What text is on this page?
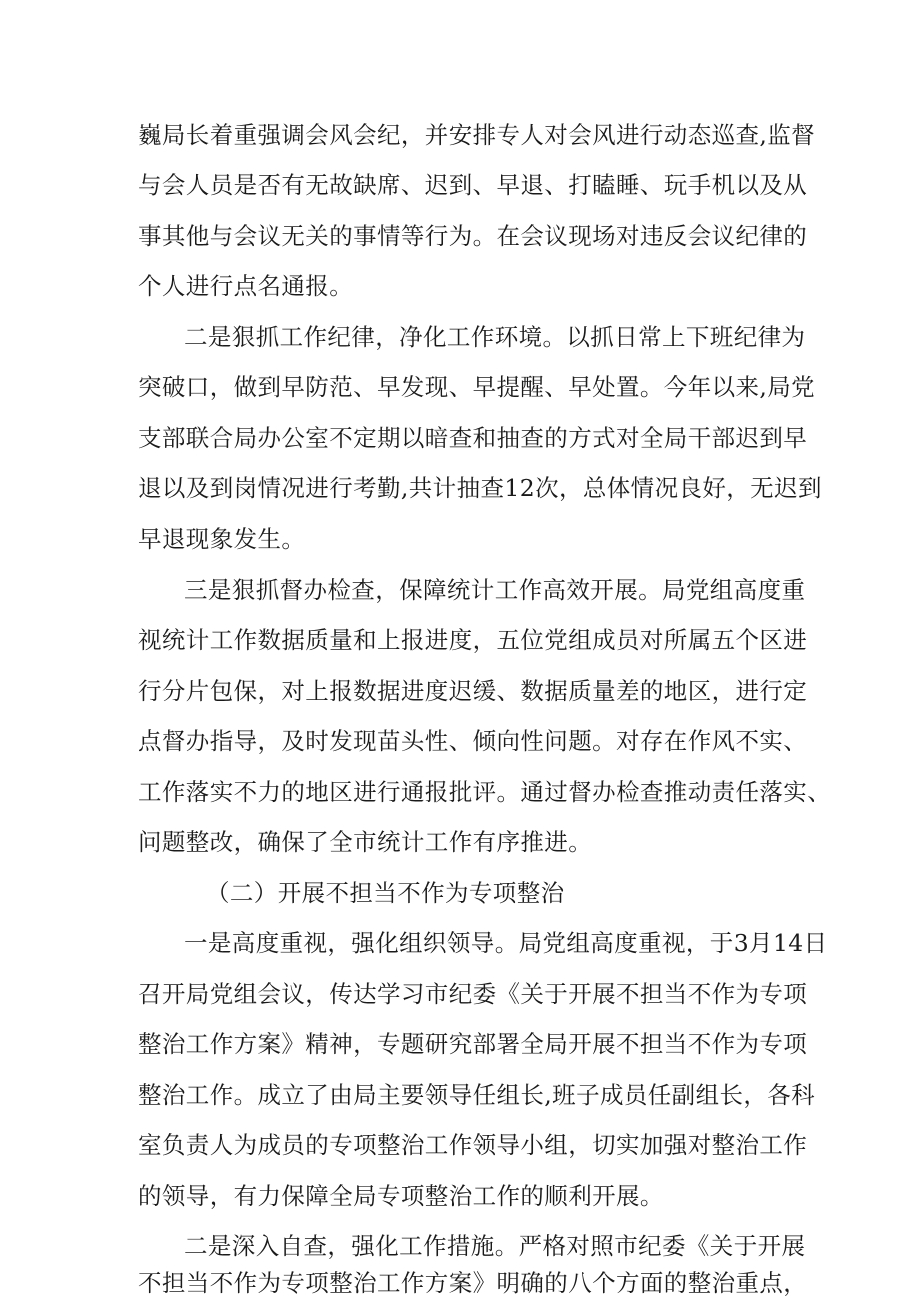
巍局长着重强调会风会纪，并安排专人对会风进行动态巡查,监督
与会人员是否有无故缺席、迟到、早退、打瞌睡、玩手机以及从
事其他与会议无关的事情等行为。在会议现场对违反会议纪律的
个人进行点名通报。
二是狠抓工作纪律，净化工作环境。以抓日常上下班纪律为
突破口，做到早防范、早发现、早提醒、早处置。今年以来,局党
支部联合局办公室不定期以暗查和抽查的方式对全局干部迟到早
退以及到岗情况进行考勤,共计抽查12次，总体情况良好，无迟到
早退现象发生。
三是狠抓督办检查，保障统计工作高效开展。局党组高度重
视统计工作数据质量和上报进度，五位党组成员对所属五个区进
行分片包保，对上报数据进度迟缓、数据质量差的地区，进行定
点督办指导，及时发现苗头性、倾向性问题。对存在作风不实、
工作落实不力的地区进行通报批评。通过督办检查推动责任落实、
问题整改，确保了全市统计工作有序推进。
（二）开展不担当不作为专项整治
一是高度重视，强化组织领导。局党组高度重视，于3月14日
召开局党组会议，传达学习市纪委《关于开展不担当不作为专项
整治工作方案》精神，专题研究部署全局开展不担当不作为专项
整治工作。成立了由局主要领导任组长,班子成员任副组长，各科
室负责人为成员的专项整治工作领导小组，切实加强对整治工作
的领导，有力保障全局专项整治工作的顺利开展。
二是深入自查，强化工作措施。严格对照市纪委《关于开展
不担当不作为专项整治工作方案》明确的八个方面的整治重点，
